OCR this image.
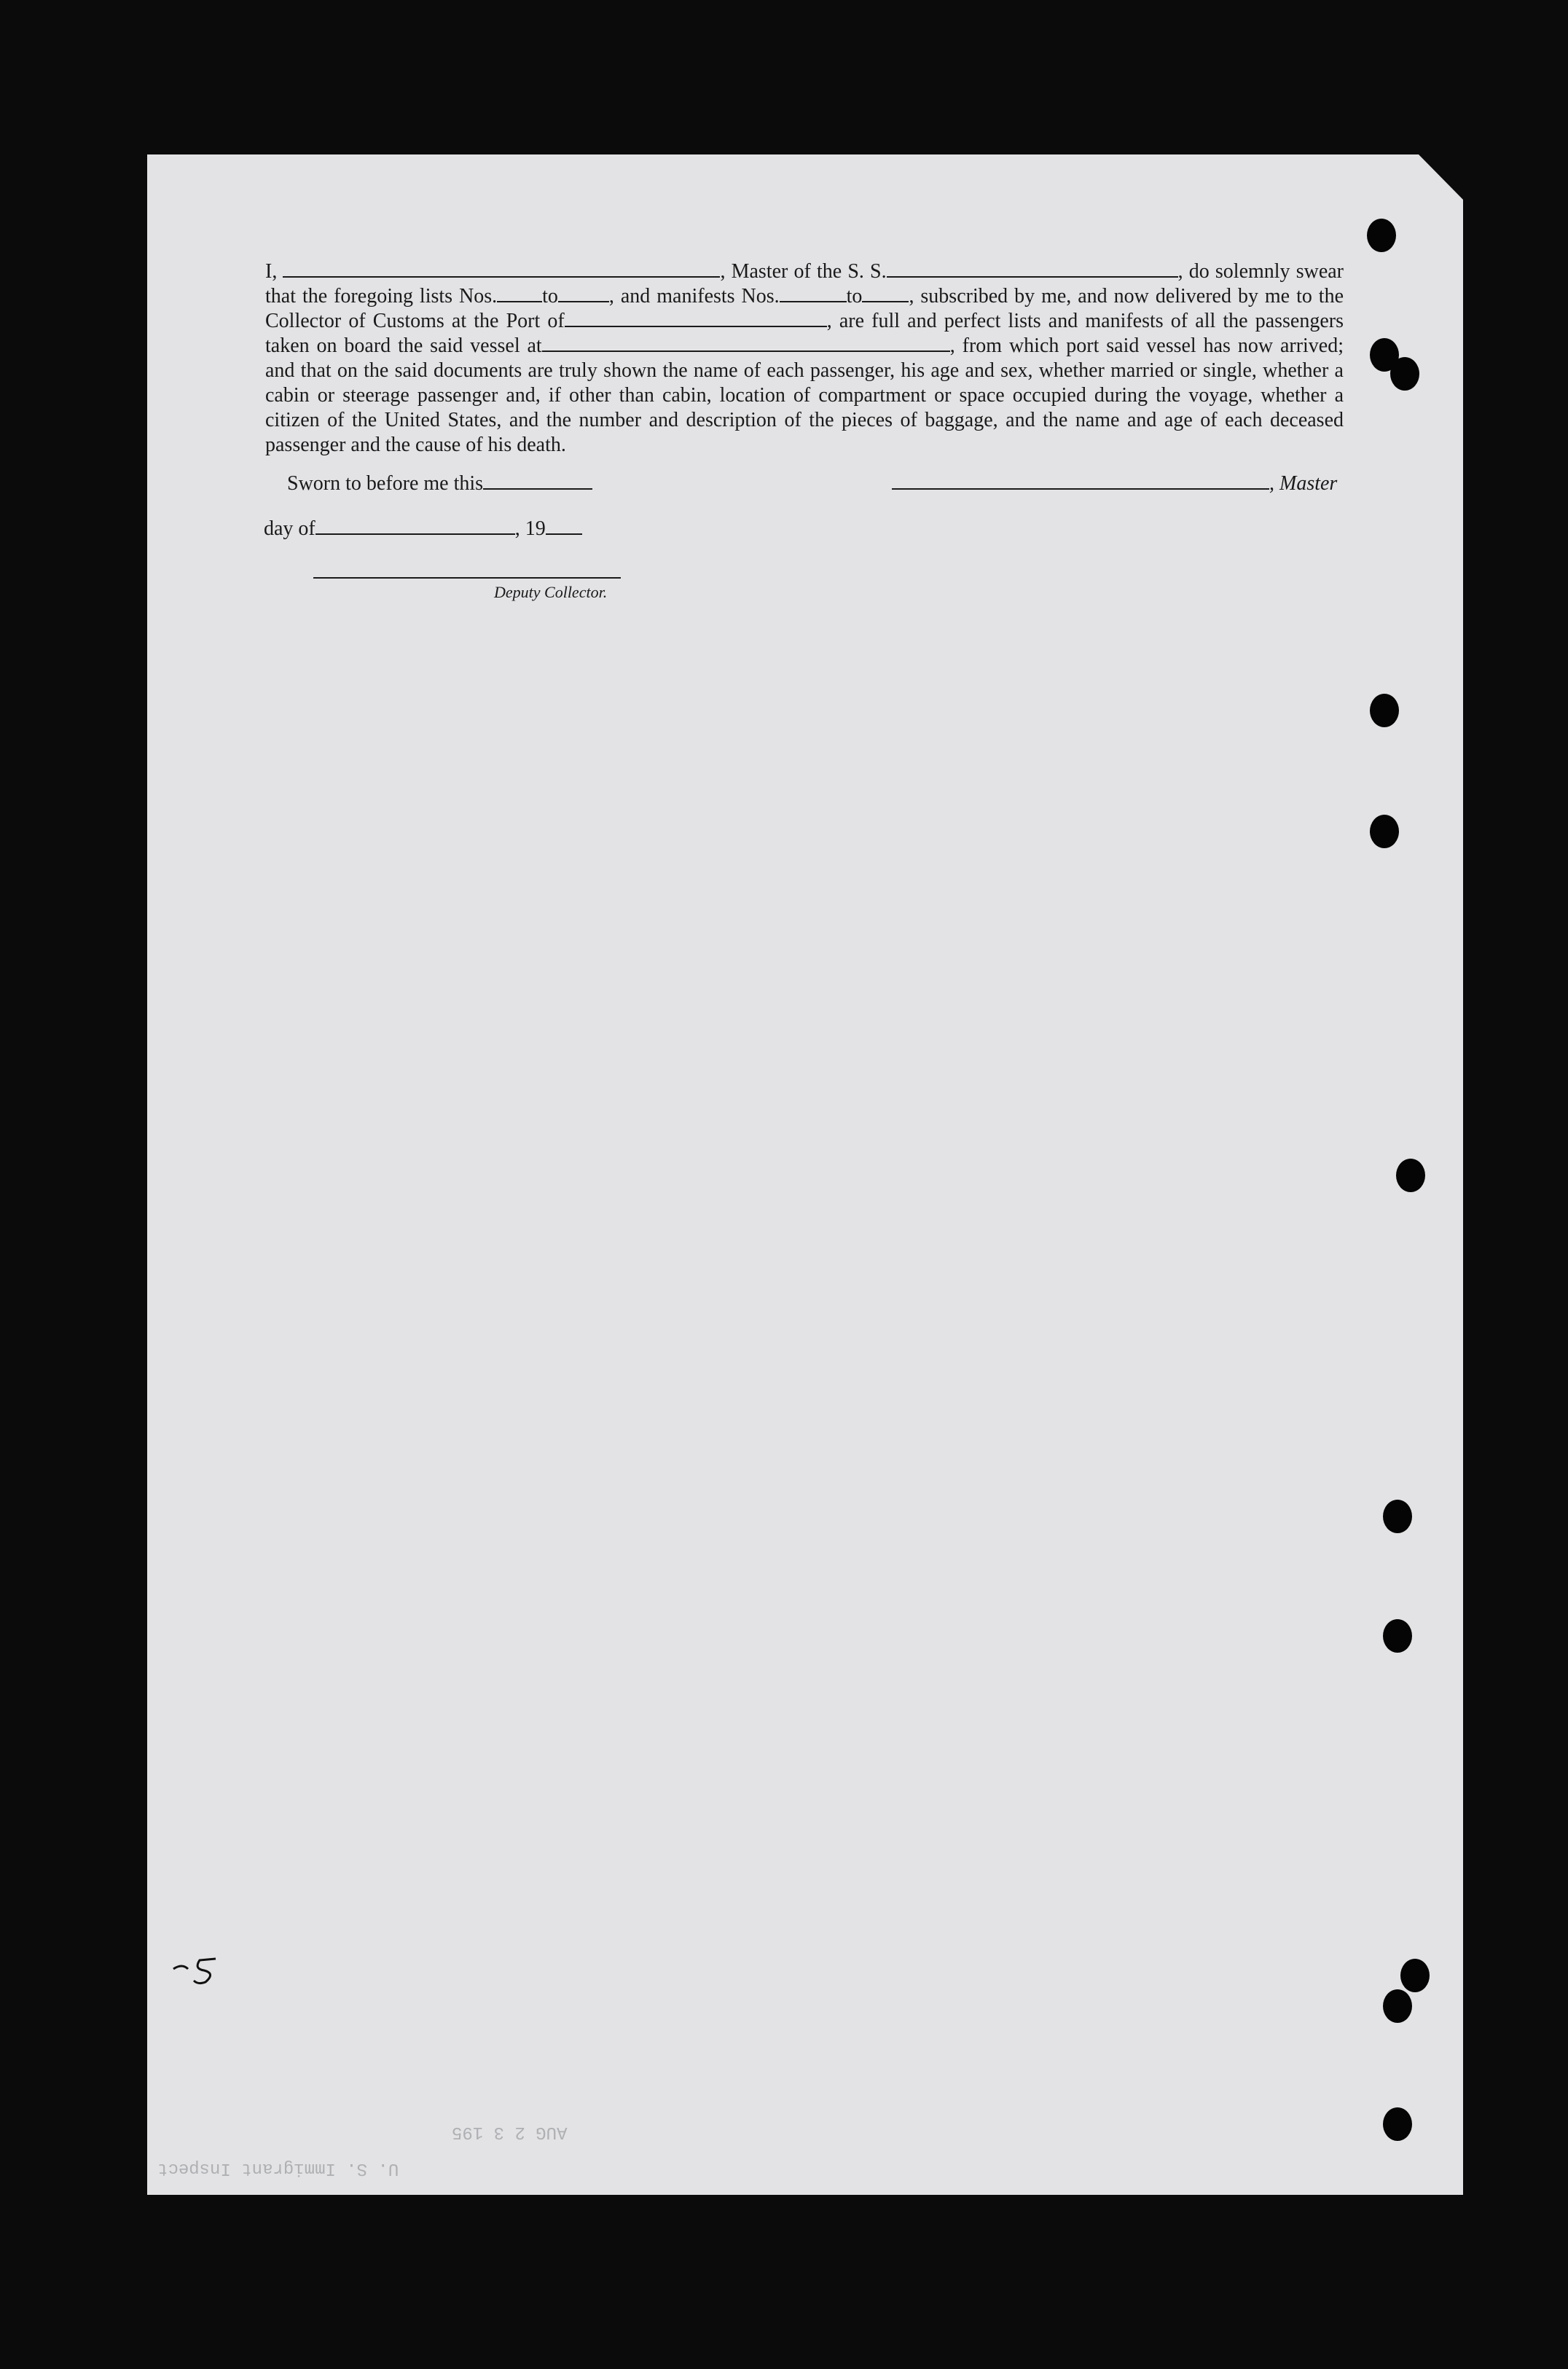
I,	, Master of the S. S.	, do solemnly swear that the foregoing lists Nos. to	, and manifests Nos.	to , subscribed by me, and now delivered by me to the Collector of Customs at the Port of	, are full and perfect lists and manifests of all the passengers taken on board the said vessel at	, from which port said vessel has now arrived; and that on the said documents are truly shown the name of each passenger, his age and sex, whether married or single, whether a cabin or steerage passenger and, if other than cabin, location of compartment or space occupied during the voyage, whether a citizen of the United States, and the number and description of the pieces of baggage, and the name and age of each deceased passenger and the cause of his death.
Sworn to before me this	, Master
day of	, 19
Deputy Collector.
AUG 2 3 195
U. S. Immigrant Inspect
